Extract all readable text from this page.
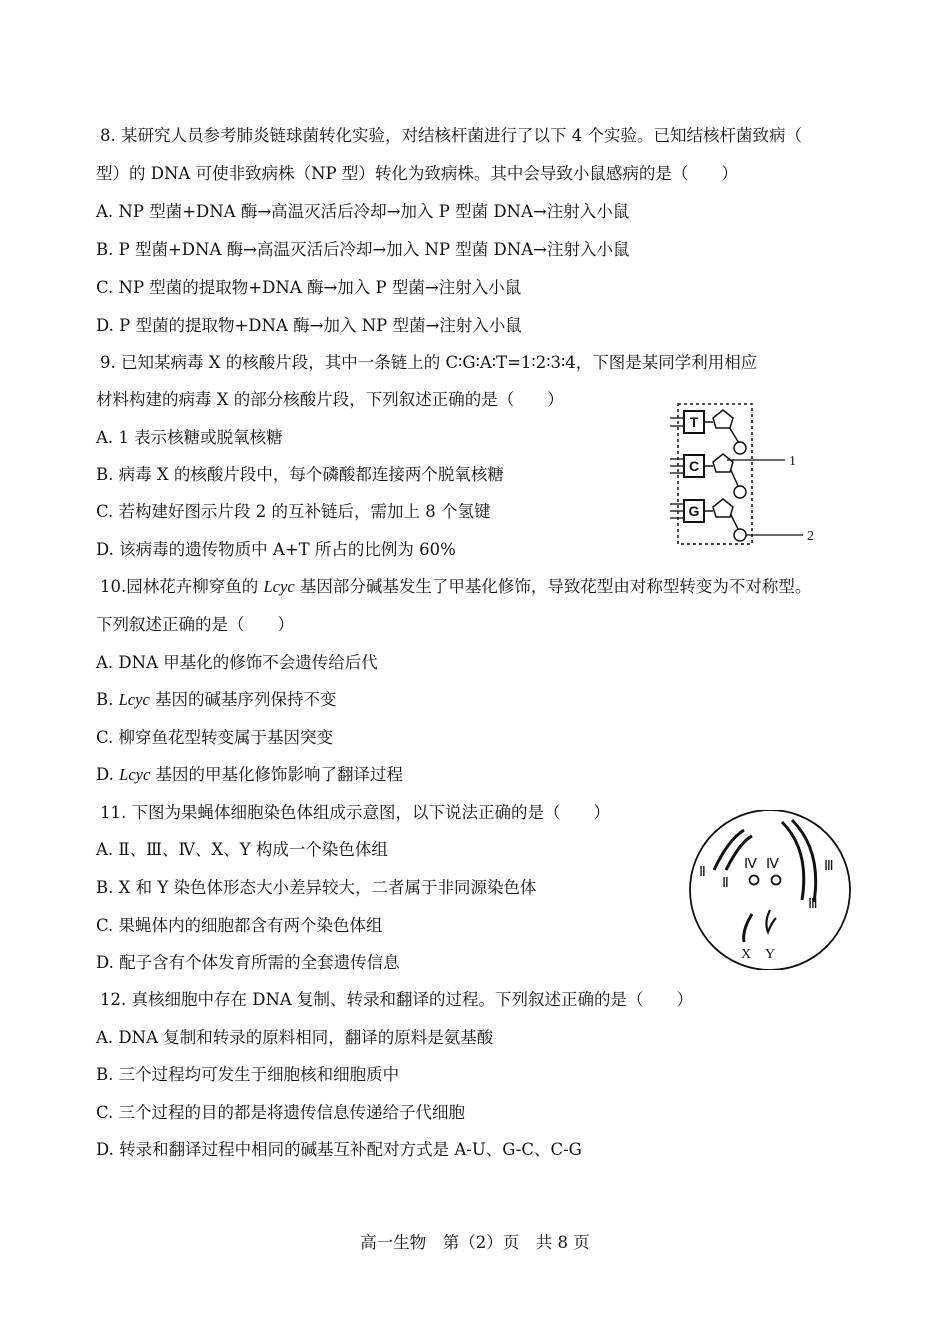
8. 某研究人员参考肺炎链球菌转化实验，对结核杆菌进行了以下 4 个实验。已知结核杆菌致病（
型）的 DNA 可使非致病株（NP 型）转化为致病株。其中会导致小鼠感病的是（　　）
A. NP 型菌+DNA 酶→高温灭活后冷却→加入 P 型菌 DNA→注射入小鼠
B. P 型菌+DNA 酶→高温灭活后冷却→加入 NP 型菌 DNA→注射入小鼠
C. NP 型菌的提取物+DNA 酶→加入 P 型菌→注射入小鼠
D. P 型菌的提取物+DNA 酶→加入 NP 型菌→注射入小鼠
9. 已知某病毒 X 的核酸片段，其中一条链上的 C∶G∶A∶T=1∶2∶3∶4，下图是某同学利用相应
材料构建的病毒 X 的部分核酸片段，下列叙述正确的是（　　）
A. 1 表示核糖或脱氧核糖
B. 病毒 X 的核酸片段中，每个磷酸都连接两个脱氧核糖
C. 若构建好图示片段 2 的互补链后，需加上 8 个氢键
D. 该病毒的遗传物质中 A+T 所占的比例为 60%
T
C
G
1
2
10.园林花卉柳穿鱼的 Lcyc 基因部分碱基发生了甲基化修饰，导致花型由对称型转变为不对称型。
下列叙述正确的是（　　）
A. DNA 甲基化的修饰不会遗传给后代
B. Lcyc 基因的碱基序列保持不变
C. 柳穿鱼花型转变属于基因突变
D. Lcyc 基因的甲基化修饰影响了翻译过程
11. 下图为果蝇体细胞染色体组成示意图，以下说法正确的是（　　）
A. Ⅱ、Ⅲ、Ⅳ、X、Y 构成一个染色体组
B. X 和 Y 染色体形态大小差异较大，二者属于非同源染色体
C. 果蝇体内的细胞都含有两个染色体组
D. 配子含有个体发育所需的全套遗传信息
Ⅱ
Ⅱ
Ⅳ Ⅳ	Ⅲ
Ⅲ
X Y
12. 真核细胞中存在 DNA 复制、转录和翻译的过程。下列叙述正确的是（　　）
A. DNA 复制和转录的原料相同，翻译的原料是氨基酸
B. 三个过程均可发生于细胞核和细胞质中
C. 三个过程的目的都是将遗传信息传递给子代细胞
D. 转录和翻译过程中相同的碱基互补配对方式是 A-U、G-C、C-G
高一生物　第（2）页　共 8 页
